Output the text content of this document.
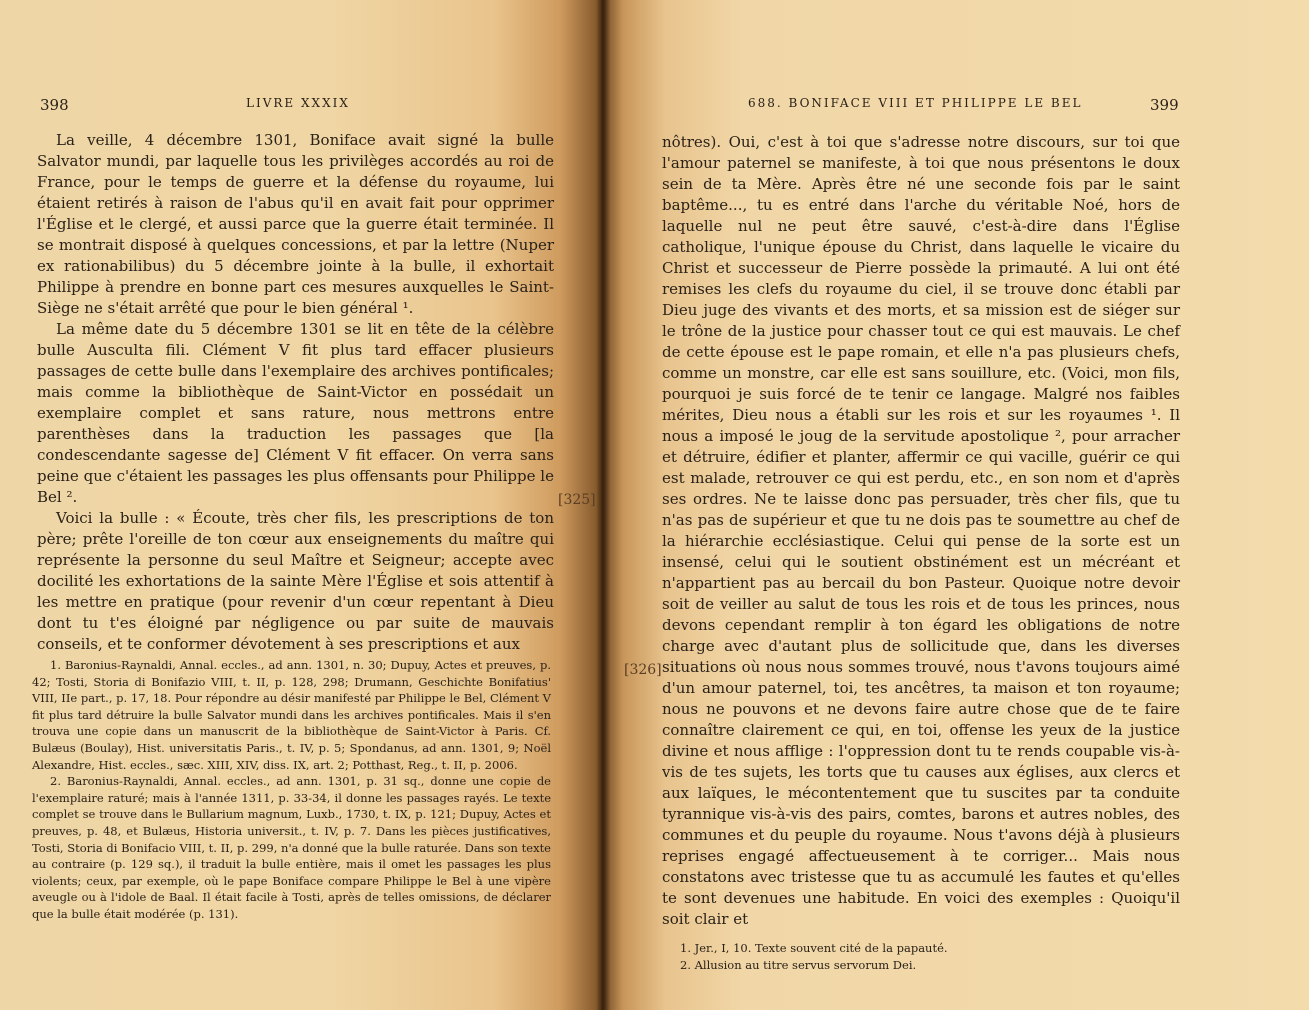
398	LIVRE XXXIX

La veille, 4 décembre 1301, Boniface avait signé la bulle Salvator mundi, par laquelle tous les privilèges accordés au roi de France, pour le temps de guerre et la défense du royaume, lui étaient retirés à raison de l'abus qu'il en avait fait pour opprimer l'Église et le clergé, et aussi parce que la guerre était terminée. Il se montrait disposé à quelques concessions, et par la lettre (Nuper ex rationabilibus) du 5 décembre jointe à la bulle, il exhortait Philippe à prendre en bonne part ces mesures auxquelles le Saint-Siège ne s'était arrêté que pour le bien général ¹.

La même date du 5 décembre 1301 se lit en tête de la célèbre bulle Ausculta fili. Clément V fit plus tard effacer plusieurs passages de cette bulle dans l'exemplaire des archives pontificales; mais comme la bibliothèque de Saint-Victor en possédait un exemplaire complet et sans rature, nous mettrons entre parenthèses dans la traduction les passages que [la condescendante sagesse de] Clément V fit effacer. On verra sans peine que c'étaient les passages les plus offensants pour Philippe le Bel ².

Voici la bulle : « Écoute, très cher fils, les prescriptions de ton père; prête l'oreille de ton cœur aux enseignements du maître qui représente la personne du seul Maître et Seigneur; accepte avec docilité les exhortations de la sainte Mère l'Église et sois attentif à les mettre en pratique (pour revenir d'un cœur repentant à Dieu dont tu t'es éloigné par négligence ou par suite de mauvais conseils, et te conformer dévotement à ses prescriptions et aux

[325]

1. Baronius-Raynaldi, Annal. eccles., ad ann. 1301, n. 30; Dupuy, Actes et preuves, p. 42; Tosti, Storia di Bonifazio VIII, t. II, p. 128, 298; Drumann, Geschichte Bonifatius' VIII, IIe part., p. 17, 18. Pour répondre au désir manifesté par Philippe le Bel, Clément V fit plus tard détruire la bulle Salvator mundi dans les archives pontificales. Mais il s'en trouva une copie dans un manuscrit de la bibliothèque de Saint-Victor à Paris. Cf. Bulæus (Boulay), Hist. universitatis Paris., t. IV, p. 5; Spondanus, ad ann. 1301, 9; Noël Alexandre, Hist. eccles., sæc. XIII, XIV, diss. IX, art. 2; Potthast, Reg., t. II, p. 2006.

2. Baronius-Raynaldi, Annal. eccles., ad ann. 1301, p. 31 sq., donne une copie de l'exemplaire raturé; mais à l'année 1311, p. 33-34, il donne les passages rayés. Le texte complet se trouve dans le Bullarium magnum, Luxb., 1730, t. IX, p. 121; Dupuy, Actes et preuves, p. 48, et Bulæus, Historia universit., t. IV, p. 7. Dans les pièces justificatives, Tosti, Storia di Bonifacio VIII, t. II, p. 299, n'a donné que la bulle raturée. Dans son texte au contraire (p. 129 sq.), il traduit la bulle entière, mais il omet les passages les plus violents; ceux, par exemple, où le pape Boniface compare Philippe le Bel à une vipère aveugle ou à l'idole de Baal. Il était facile à Tosti, après de telles omissions, de déclarer que la bulle était modérée (p. 131).

688. BONIFACE VIII ET PHILIPPE LE BEL	399

nôtres). Oui, c'est à toi que s'adresse notre discours, sur toi que l'amour paternel se manifeste, à toi que nous présentons le doux sein de ta Mère. Après être né une seconde fois par le saint baptême..., tu es entré dans l'arche du véritable Noé, hors de laquelle nul ne peut être sauvé, c'est-à-dire dans l'Église catholique, l'unique épouse du Christ, dans laquelle le vicaire du Christ et successeur de Pierre possède la primauté. A lui ont été remises les clefs du royaume du ciel, il se trouve donc établi par Dieu juge des vivants et des morts, et sa mission est de siéger sur le trône de la justice pour chasser tout ce qui est mauvais. Le chef de cette épouse est le pape romain, et elle n'a pas plusieurs chefs, comme un monstre, car elle est sans souillure, etc. (Voici, mon fils, pourquoi je suis forcé de te tenir ce langage. Malgré nos faibles mérites, Dieu nous a établi sur les rois et sur les royaumes ¹. Il nous a imposé le joug de la servitude apostolique ², pour arracher et détruire, édifier et planter, affermir ce qui vacille, guérir ce qui est malade, retrouver ce qui est perdu, etc., en son nom et d'après ses ordres. Ne te laisse donc pas persuader, très cher fils, que tu n'as pas de supérieur et que tu ne dois pas te soumettre au chef de la hiérarchie ecclésiastique. Celui qui pense de la sorte est un insensé, celui qui le soutient obstinément est un mécréant et n'appartient pas au bercail du bon Pasteur. Quoique notre devoir soit de veiller au salut de tous les rois et de tous les princes, nous devons cependant remplir à ton égard les obligations de notre charge avec d'autant plus de sollicitude que, dans les diverses situations où nous nous sommes trouvé, nous t'avons toujours aimé d'un amour paternel, toi, tes ancêtres, ta maison et ton royaume; nous ne pouvons et ne devons faire autre chose que de te faire connaître clairement ce qui, en toi, offense les yeux de la justice divine et nous afflige : l'oppression dont tu te rends coupable vis-à-vis de tes sujets, les torts que tu causes aux églises, aux clercs et aux laïques, le mécontentement que tu suscites par ta conduite tyrannique vis-à-vis des pairs, comtes, barons et autres nobles, des communes et du peuple du royaume. Nous t'avons déjà à plusieurs reprises engagé affectueusement à te corriger... Mais nous constatons avec tristesse que tu as accumulé les fautes et qu'elles te sont devenues une habitude. En voici des exemples : Quoiqu'il soit clair et

[326]

1. Jer., I, 10. Texte souvent cité de la papauté.

2. Allusion au titre servus servorum Dei.
